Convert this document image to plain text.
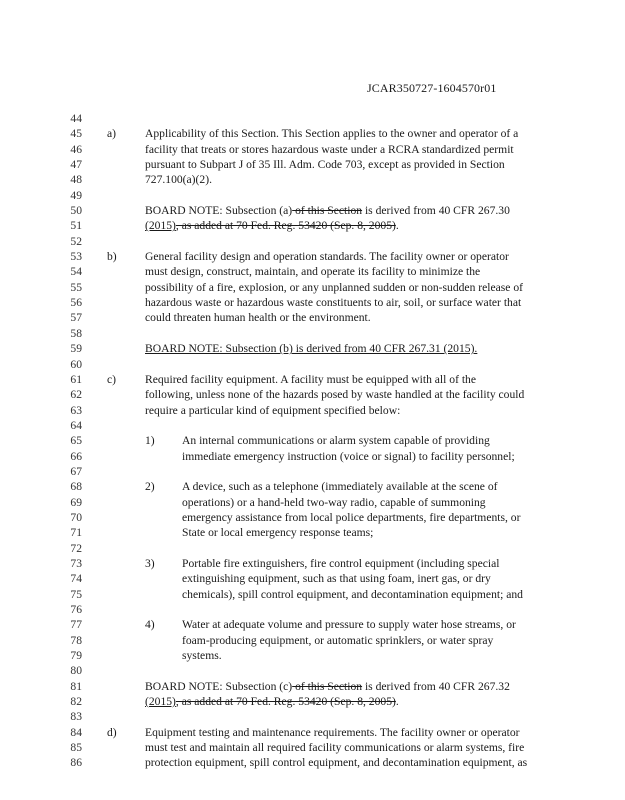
JCAR350727-1604570r01
44
45 a) Applicability of this Section. This Section applies to the owner and operator of a
46	facility that treats or stores hazardous waste under a RCRA standardized permit
47	pursuant to Subpart J of 35 Ill. Adm. Code 703, except as provided in Section
48	727.100(a)(2).
49
50	BOARD NOTE: Subsection (a) of this Section is derived from 40 CFR 267.30
51	(2015), as added at 70 Fed. Reg. 53420 (Sep. 8, 2005).
52
53 b) General facility design and operation standards. The facility owner or operator
54	must design, construct, maintain, and operate its facility to minimize the
55	possibility of a fire, explosion, or any unplanned sudden or non-sudden release of
56	hazardous waste or hazardous waste constituents to air, soil, or surface water that
57	could threaten human health or the environment.
58
59	BOARD NOTE: Subsection (b) is derived from 40 CFR 267.31 (2015).
60
61 c) Required facility equipment. A facility must be equipped with all of the
62	following, unless none of the hazards posed by waste handled at the facility could
63	require a particular kind of equipment specified below:
64
65	1) An internal communications or alarm system capable of providing
66	immediate emergency instruction (voice or signal) to facility personnel;
67
68	2) A device, such as a telephone (immediately available at the scene of
69	operations) or a hand-held two-way radio, capable of summoning
70	emergency assistance from local police departments, fire departments, or
71	State or local emergency response teams;
72
73	3) Portable fire extinguishers, fire control equipment (including special
74	extinguishing equipment, such as that using foam, inert gas, or dry
75	chemicals), spill control equipment, and decontamination equipment; and
76
77	4) Water at adequate volume and pressure to supply water hose streams, or
78	foam-producing equipment, or automatic sprinklers, or water spray
79	systems.
80
81	BOARD NOTE: Subsection (c) of this Section is derived from 40 CFR 267.32
82	(2015), as added at 70 Fed. Reg. 53420 (Sep. 8, 2005).
83
84 d) Equipment testing and maintenance requirements. The facility owner or operator
85	must test and maintain all required facility communications or alarm systems, fire
86	protection equipment, spill control equipment, and decontamination equipment, as
